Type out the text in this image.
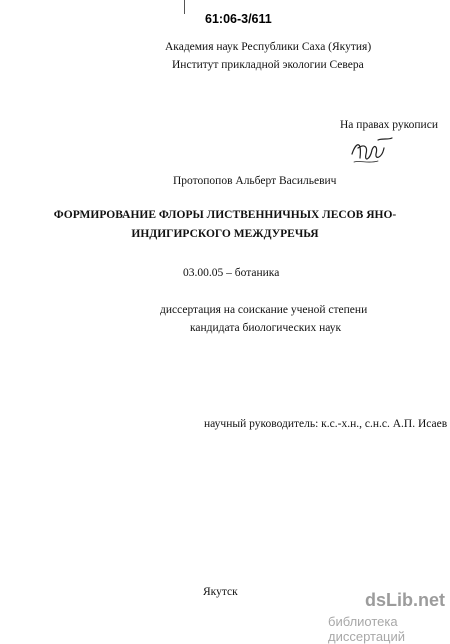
61:06-3/611
Академия наук Республики Саха (Якутия)
Институт прикладной экологии Севера
На правах рукописи
Протопопов Альберт Васильевич
ФОРМИРОВАНИЕ ФЛОРЫ ЛИСТВЕННИЧНЫХ ЛЕСОВ ЯНО-
ИНДИГИРСКОГО МЕЖДУРЕЧЬЯ
03.00.05 – ботаника
диссертация на соискание ученой степени
кандидата биологических наук
научный руководитель: к.с.-х.н., с.н.с. А.П. Исаев
Якутск	dsLib.net
библиотека диссертаций
